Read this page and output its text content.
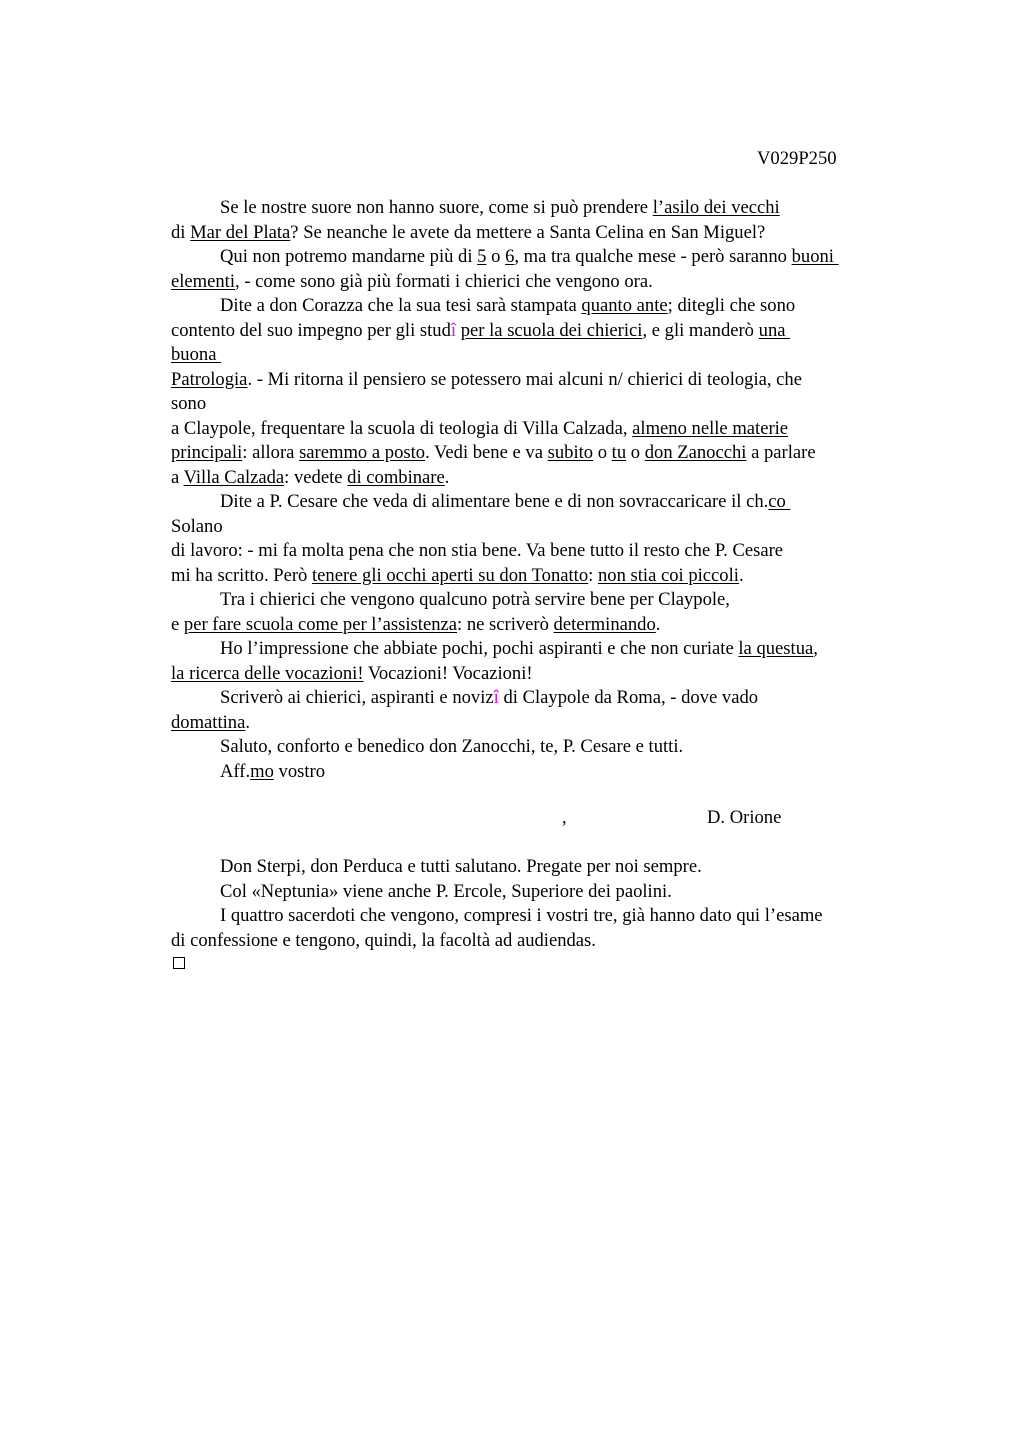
V029P250
Se le nostre suore non hanno suore, come si può prendere l’asilo dei vecchi
di Mar del Plata? Se neanche le avete da mettere a Santa Celina en San Miguel?
Qui non potremo mandarne più di 5 o 6, ma tra qualche mese - però saranno buoni
elementi, - come sono già più formati i chierici che vengono ora.
Dite a don Corazza che la sua tesi sarà stampata quanto ante; ditegli che sono
contento del suo impegno per gli studî per la scuola dei chierici, e gli manderò una
buona
Patrologia. - Mi ritorna il pensiero se potessero mai alcuni n/ chierici di teologia, che
sono
a Claypole, frequentare la scuola di teologia di Villa Calzada, almeno nelle materie
principali: allora saremmo a posto. Vedi bene e va subito o tu o don Zanocchi a parlare
a Villa Calzada: vedete di combinare.
Dite a P. Cesare che veda di alimentare bene e di non sovraccaricare il ch.co
Solano
di lavoro: - mi fa molta pena che non stia bene. Va bene tutto il resto che P. Cesare
mi ha scritto. Però tenere gli occhi aperti su don Tonatto: non stia coi piccoli.
Tra i chierici che vengono qualcuno potrà servire bene per Claypole,
e per fare scuola come per l’assistenza: ne scriverò determinando.
Ho l’impressione che abbiate pochi, pochi aspiranti e che non curiate la questua,
la ricerca delle vocazioni! Vocazioni! Vocazioni!
Scriverò ai chierici, aspiranti e novizî di Claypole da Roma, - dove vado
domattina.
Saluto, conforto e benedico don Zanocchi, te, P. Cesare e tutti.
Aff.mo vostro
,	D. Orione
Don Sterpi, don Perduca e tutti salutano. Pregate per noi sempre.
Col «Neptunia» viene anche P. Ercole, Superiore dei paolini.
I quattro sacerdoti che vengono, compresi i vostri tre, già hanno dato qui l’esame
di confessione e tengono, quindi, la facoltà ad audiendas.
